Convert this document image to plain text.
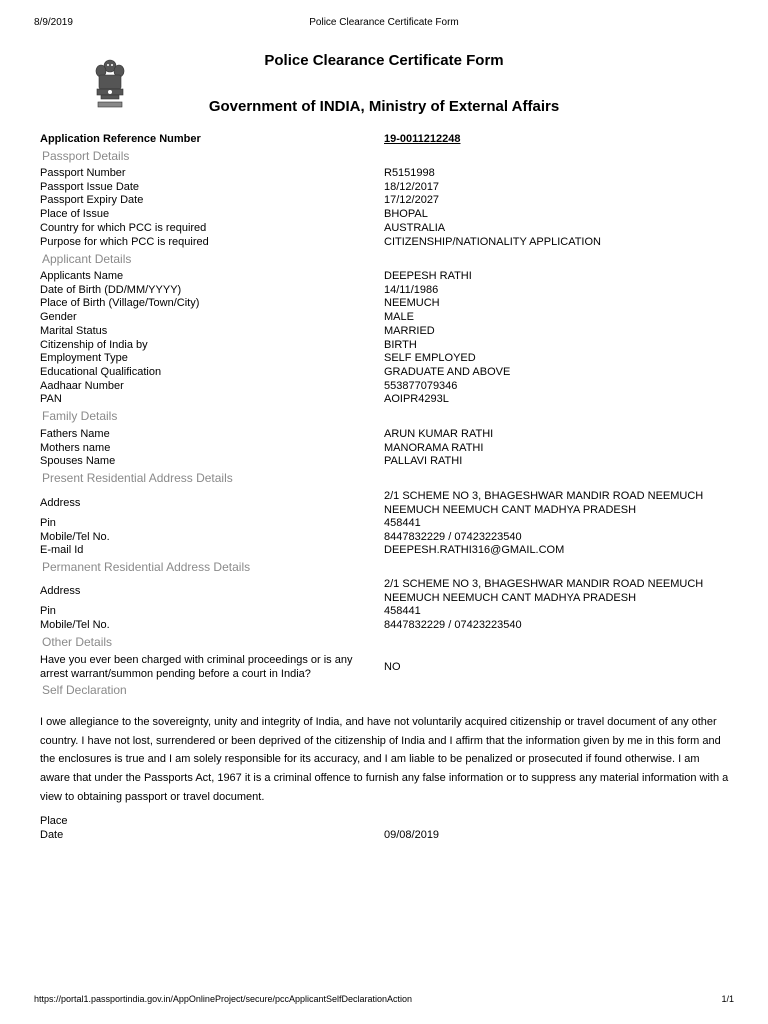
8/9/2019	Police Clearance Certificate Form
Police Clearance Certificate Form
Government of INDIA, Ministry of External Affairs
Application Reference Number	19-0011212248
Passport Details
Passport Number	R5151998
Passport Issue Date	18/12/2017
Passport Expiry Date	17/12/2027
Place of Issue	BHOPAL
Country for which PCC is required	AUSTRALIA
Purpose for which PCC is required	CITIZENSHIP/NATIONALITY APPLICATION
Applicant Details
Applicants Name	DEEPESH RATHI
Date of Birth (DD/MM/YYYY)	14/11/1986
Place of Birth (Village/Town/City)	NEEMUCH
Gender	MALE
Marital Status	MARRIED
Citizenship of India by	BIRTH
Employment Type	SELF EMPLOYED
Educational Qualification	GRADUATE AND ABOVE
Aadhaar Number	553877079346
PAN	AOIPR4293L
Family Details
Fathers Name	ARUN KUMAR RATHI
Mothers name	MANORAMA RATHI
Spouses Name	PALLAVI RATHI
Present Residential Address Details
Address
2/1 SCHEME NO 3, BHAGESHWAR MANDIR ROAD NEEMUCH
NEEMUCH NEEMUCH CANT MADHYA PRADESH
Pin	458441
Mobile/Tel No.	8447832229 / 07423223540
E-mail Id	DEEPESH.RATHI316@GMAIL.COM
Permanent Residential Address Details
Address
2/1 SCHEME NO 3, BHAGESHWAR MANDIR ROAD NEEMUCH
NEEMUCH NEEMUCH CANT MADHYA PRADESH
Pin	458441
Mobile/Tel No.	8447832229 / 07423223540
Other Details
Have you ever been charged with criminal proceedings or is any
arrest warrant/summon pending before a court in India?
NO
Self Declaration
I owe allegiance to the sovereignty, unity and integrity of India, and have not voluntarily acquired citizenship or travel document of any other country. I have not lost, surrendered or been deprived of the citizenship of India and I affirm that the information given by me in this form and the enclosures is true and I am solely responsible for its accuracy, and I am liable to be penalized or prosecuted if found otherwise. I am aware that under the Passports Act, 1967 it is a criminal offence to furnish any false information or to suppress any material information with a view to obtaining passport or travel document.
Place
Date	09/08/2019
https://portal1.passportindia.gov.in/AppOnlineProject/secure/pccApplicantSelfDeclarationAction	1/1
